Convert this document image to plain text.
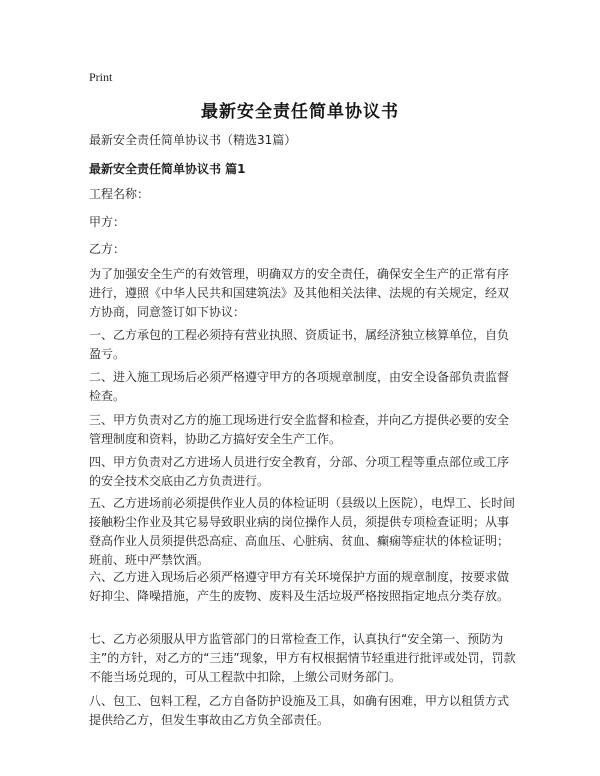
Print
最新安全责任简单协议书
最新安全责任简单协议书（精选31篇）
最新安全责任简单协议书 篇1
工程名称：
甲方：
乙方：
为了加强安全生产的有效管理，明确双方的安全责任，确保安全生产的正常有序进行，遵照《中华人民共和国建筑法》及其他相关法律、法规的有关规定，经双方协商，同意签订如下协议：
一、乙方承包的工程必须持有营业执照、资质证书，属经济独立核算单位，自负盈亏。
二、进入施工现场后必须严格遵守甲方的各项规章制度，由安全设备部负责监督检查。
三、甲方负责对乙方的施工现场进行安全监督和检查，并向乙方提供必要的安全管理制度和资料，协助乙方搞好安全生产工作。
四、甲方负责对乙方进场人员进行安全教育，分部、分项工程等重点部位或工序的安全技术交底由乙方负责进行。
五、乙方进场前必须提供作业人员的体检证明（县级以上医院），电焊工、长时间接触粉尘作业及其它易导致职业病的岗位操作人员，须提供专项检查证明；从事登高作业人员须提供恐高症、高血压、心脏病、贫血、癫痫等症状的体检证明；班前、班中严禁饮酒。
六、乙方进入现场后必须严格遵守甲方有关环境保护方面的规章制度，按要求做好抑尘、降噪措施，产生的废物、废料及生活垃圾严格按照指定地点分类存放。
七、乙方必须服从甲方监管部门的日常检查工作，认真执行“安全第一、预防为主”的方针，对乙方的“三违”现象，甲方有权根据情节轻重进行批评或处罚，罚款不能当场兑现的，可从工程款中扣除，上缴公司财务部门。
八、包工、包料工程，乙方自备防护设施及工具，如确有困难，甲方以租赁方式提供给乙方，但发生事故由乙方负全部责任。
